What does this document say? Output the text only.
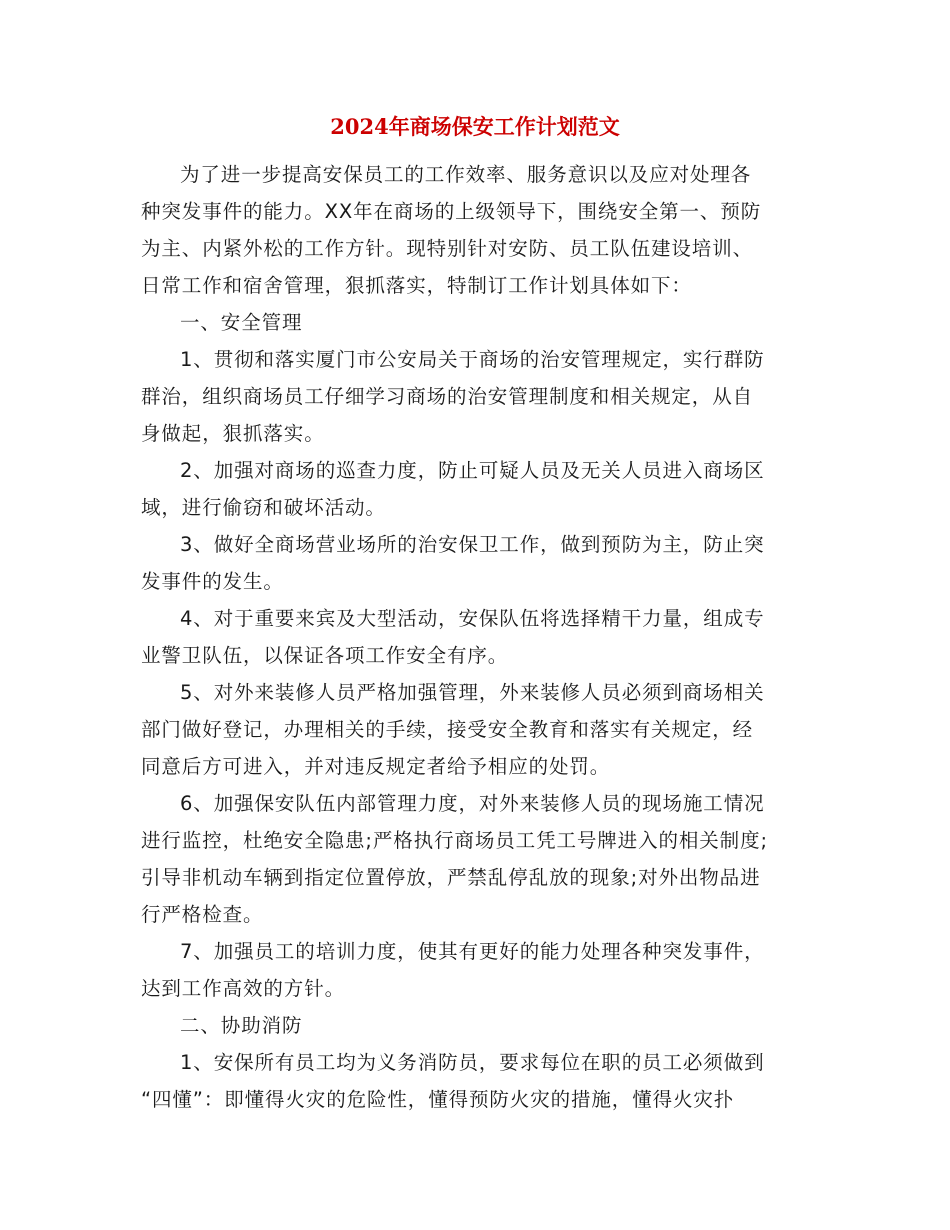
2024年商场保安工作计划范文
为了进一步提高安保员工的工作效率、服务意识以及应对处理各
种突发事件的能力。XX年在商场的上级领导下，围绕安全第一、预防
为主、内紧外松的工作方针。现特别针对安防、员工队伍建设培训、
日常工作和宿舍管理，狠抓落实，特制订工作计划具体如下：
一、安全管理
1、贯彻和落实厦门市公安局关于商场的治安管理规定，实行群防
群治，组织商场员工仔细学习商场的治安管理制度和相关规定，从自
身做起，狠抓落实。
2、加强对商场的巡查力度，防止可疑人员及无关人员进入商场区
域，进行偷窃和破坏活动。
3、做好全商场营业场所的治安保卫工作，做到预防为主，防止突
发事件的发生。
4、对于重要来宾及大型活动，安保队伍将选择精干力量，组成专
业警卫队伍，以保证各项工作安全有序。
5、对外来装修人员严格加强管理，外来装修人员必须到商场相关
部门做好登记，办理相关的手续，接受安全教育和落实有关规定，经
同意后方可进入，并对违反规定者给予相应的处罚。
6、加强保安队伍内部管理力度，对外来装修人员的现场施工情况
进行监控，杜绝安全隐患;严格执行商场员工凭工号牌进入的相关制度;
引导非机动车辆到指定位置停放，严禁乱停乱放的现象;对外出物品进
行严格检查。
7、加强员工的培训力度，使其有更好的能力处理各种突发事件，
达到工作高效的方针。
二、协助消防
1、安保所有员工均为义务消防员，要求每位在职的员工必须做到
“四懂”：即懂得火灾的危险性，懂得预防火灾的措施，懂得火灾扑
